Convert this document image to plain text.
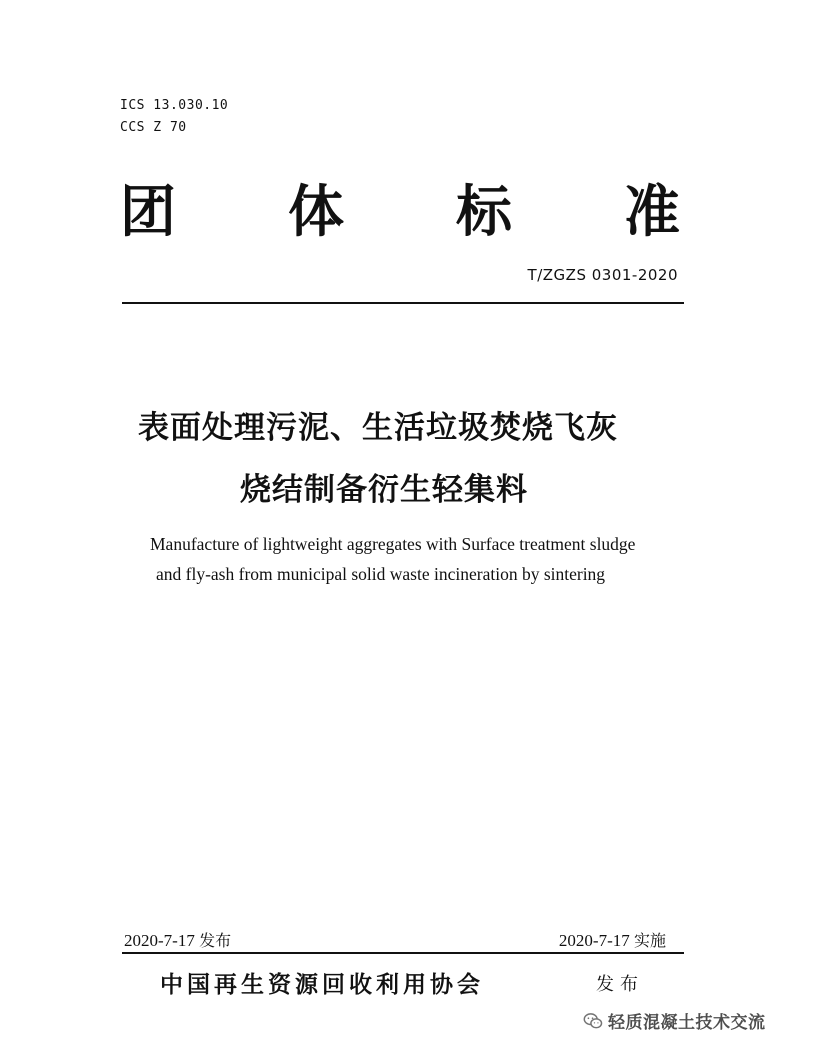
ICS 13.030.10
CCS Z 70
团 体 标 准
T/ZGZS 0301-2020
表面处理污泥、生活垃圾焚烧飞灰
烧结制备衍生轻集料
Manufacture of lightweight aggregates with Surface treatment sludge
and fly-ash from municipal solid waste incineration by sintering
2020-7-17 发布	2020-7-17 实施
中国再生资源回收利用协会	发布
轻质混凝土技术交流
